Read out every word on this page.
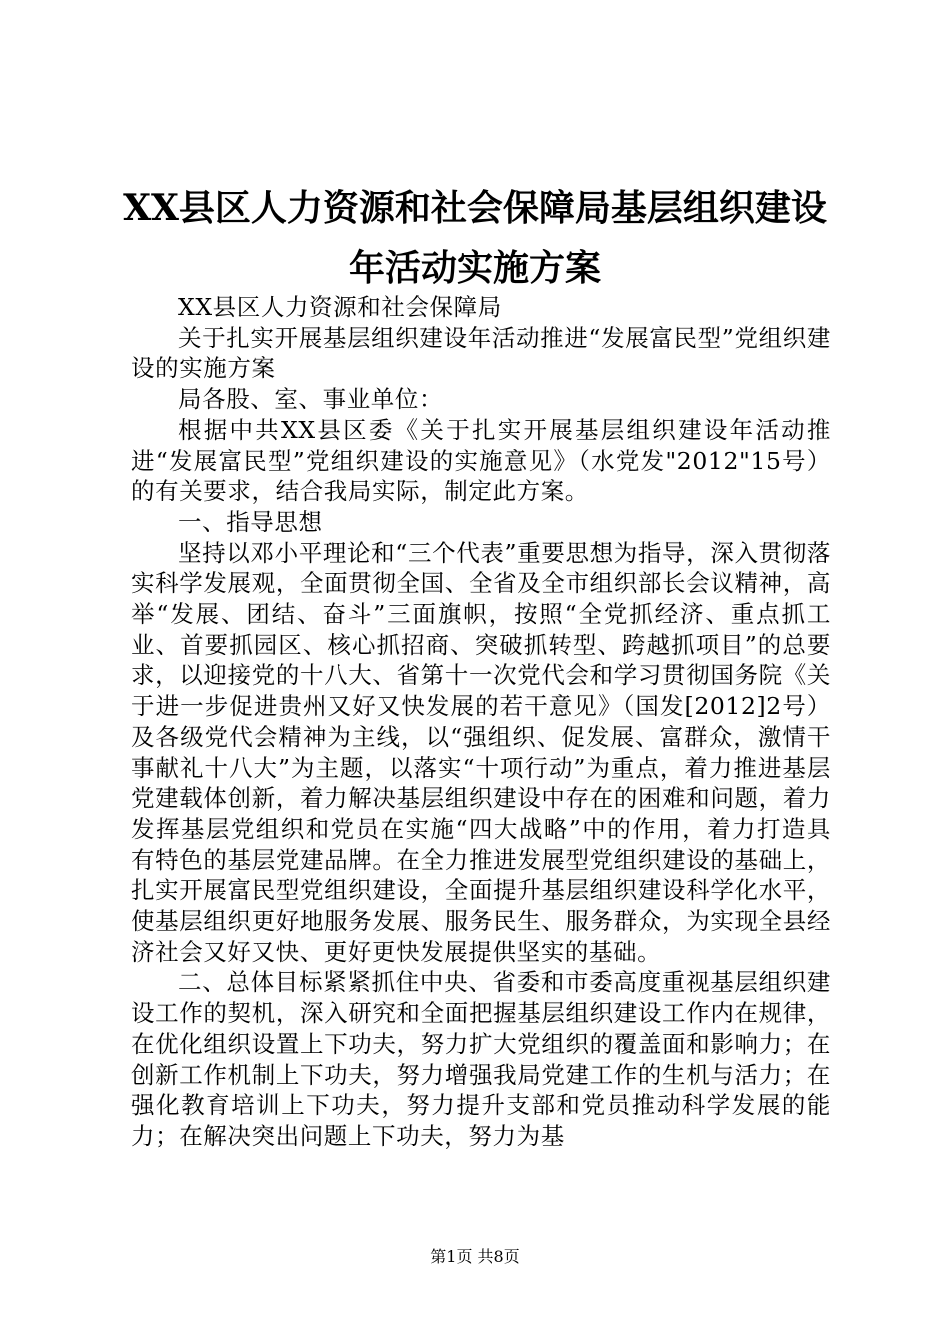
XX县区人力资源和社会保障局基层组织建设
年活动实施方案

XX县区人力资源和社会保障局

关于扎实开展基层组织建设年活动推进“发展富民型”党组织建设的实施方案

局各股、室、事业单位：

根据中共XX县区委《关于扎实开展基层组织建设年活动推进“发展富民型”党组织建设的实施意见》（水党发"2012"15号）的有关要求，结合我局实际，制定此方案。

一、指导思想

坚持以邓小平理论和“三个代表”重要思想为指导，深入贯彻落实科学发展观，全面贯彻全国、全省及全市组织部长会议精神，高举“发展、团结、奋斗”三面旗帜，按照“全党抓经济、重点抓工业、首要抓园区、核心抓招商、突破抓转型、跨越抓项目”的总要求，以迎接党的十八大、省第十一次党代会和学习贯彻国务院《关于进一步促进贵州又好又快发展的若干意见》（国发[2012]2号）及各级党代会精神为主线，以“强组织、促发展、富群众，激情干事献礼十八大”为主题，以落实“十项行动”为重点，着力推进基层党建载体创新，着力解决基层组织建设中存在的困难和问题，着力发挥基层党组织和党员在实施“四大战略”中的作用，着力打造具有特色的基层党建品牌。在全力推进发展型党组织建设的基础上，扎实开展富民型党组织建设，全面提升基层组织建设科学化水平，使基层组织更好地服务发展、服务民生、服务群众，为实现全县经济社会又好又快、更好更快发展提供坚实的基础。

二、总体目标紧紧抓住中央、省委和市委高度重视基层组织建设工作的契机，深入研究和全面把握基层组织建设工作内在规律，在优化组织设置上下功夫，努力扩大党组织的覆盖面和影响力；在创新工作机制上下功夫，努力增强我局党建工作的生机与活力；在强化教育培训上下功夫，努力提升支部和党员推动科学发展的能力；在解决突出问题上下功夫，努力为基

第1页 共8页
